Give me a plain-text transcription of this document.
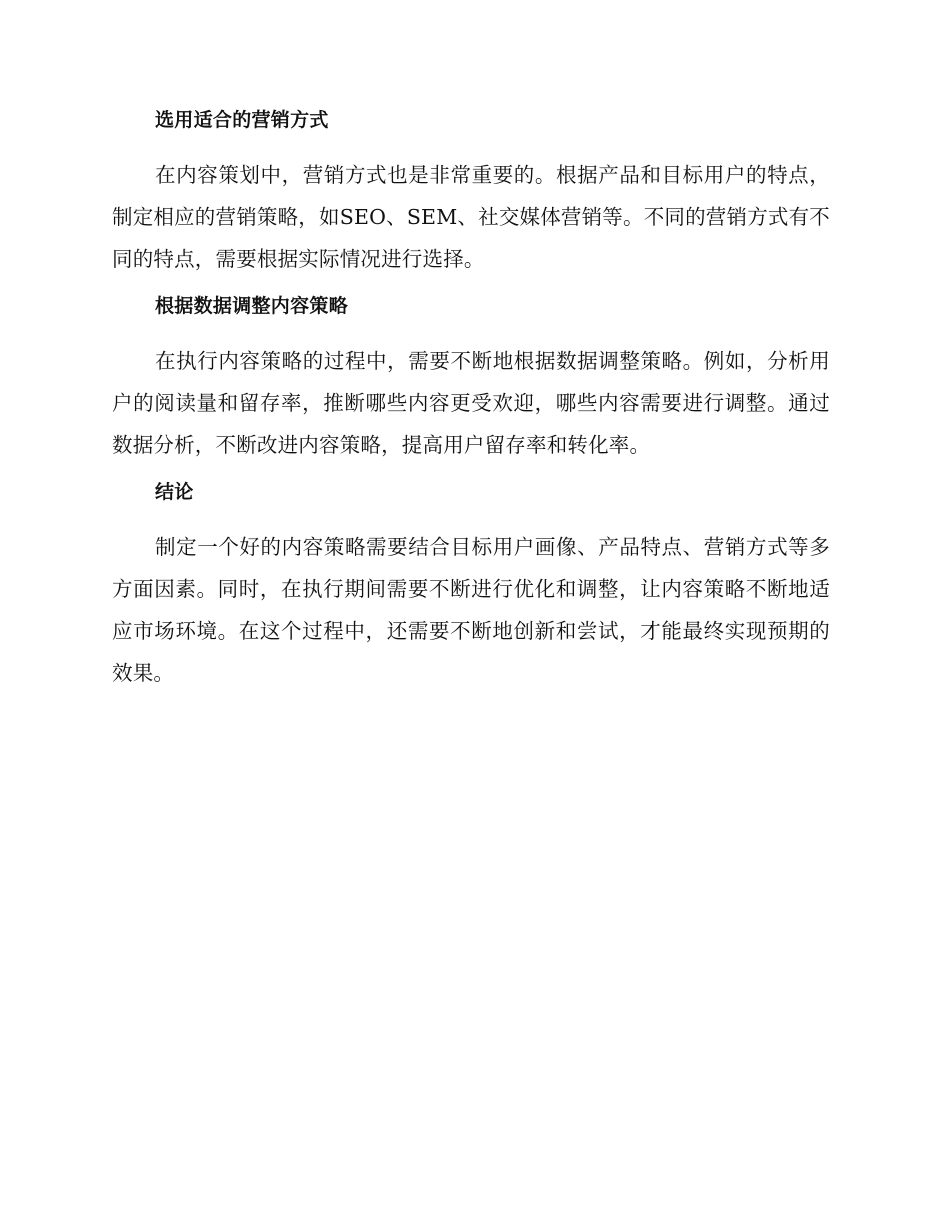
选用适合的营销方式

在内容策划中，营销方式也是非常重要的。根据产品和目标用户的特点，制定相应的营销策略，如SEO、SEM、社交媒体营销等。不同的营销方式有不同的特点，需要根据实际情况进行选择。

根据数据调整内容策略

在执行内容策略的过程中，需要不断地根据数据调整策略。例如，分析用户的阅读量和留存率，推断哪些内容更受欢迎，哪些内容需要进行调整。通过数据分析，不断改进内容策略，提高用户留存率和转化率。

结论

制定一个好的内容策略需要结合目标用户画像、产品特点、营销方式等多方面因素。同时，在执行期间需要不断进行优化和调整，让内容策略不断地适应市场环境。在这个过程中，还需要不断地创新和尝试，才能最终实现预期的效果。
